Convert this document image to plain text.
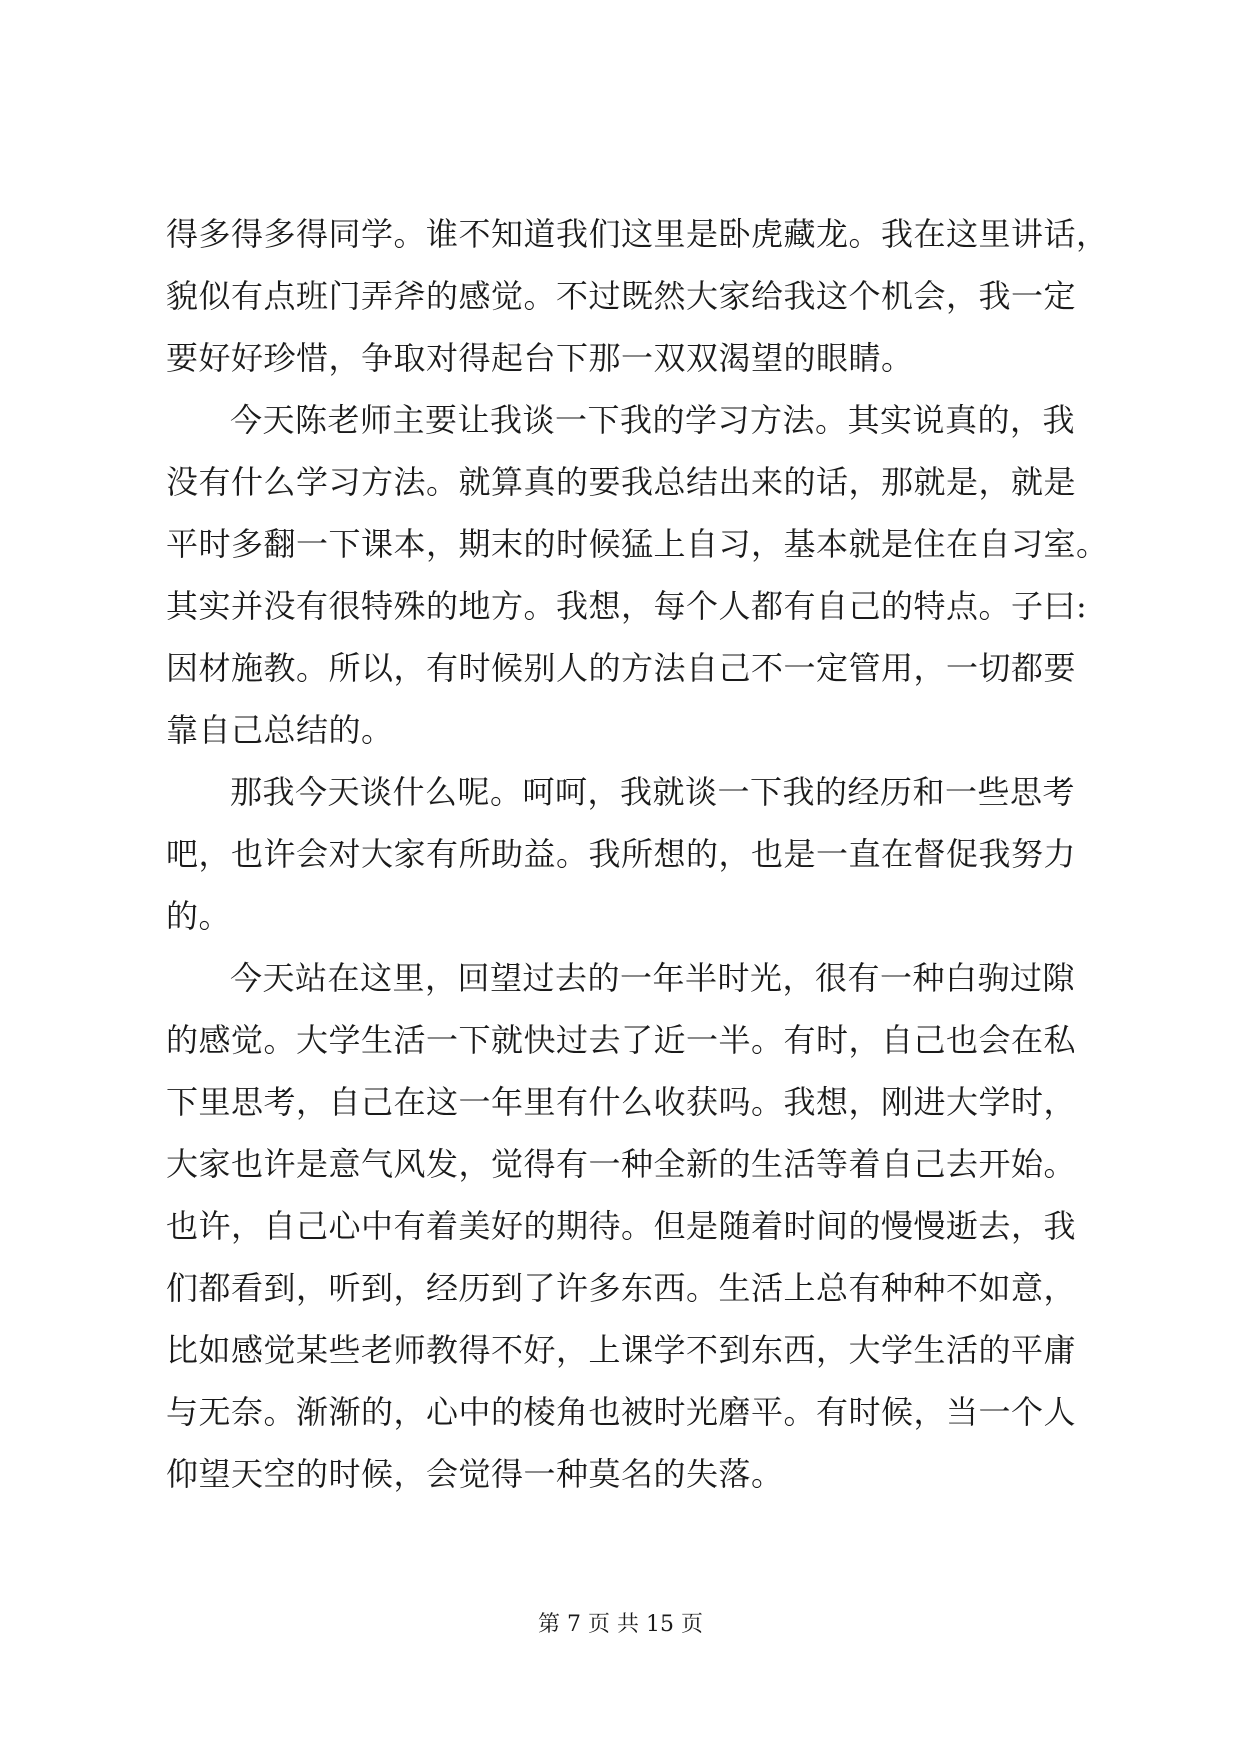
得多得多得同学。谁不知道我们这里是卧虎藏龙。我在这里讲话，
貌似有点班门弄斧的感觉。不过既然大家给我这个机会，我一定
要好好珍惜，争取对得起台下那一双双渴望的眼睛。
今天陈老师主要让我谈一下我的学习方法。其实说真的，我
没有什么学习方法。就算真的要我总结出来的话，那就是，就是
平时多翻一下课本，期末的时候猛上自习，基本就是住在自习室。
其实并没有很特殊的地方。我想，每个人都有自己的特点。子曰:
因材施教。所以，有时候别人的方法自己不一定管用，一切都要
靠自己总结的。
那我今天谈什么呢。呵呵，我就谈一下我的经历和一些思考
吧，也许会对大家有所助益。我所想的，也是一直在督促我努力
的。
今天站在这里，回望过去的一年半时光，很有一种白驹过隙
的感觉。大学生活一下就快过去了近一半。有时，自己也会在私
下里思考，自己在这一年里有什么收获吗。我想，刚进大学时，
大家也许是意气风发，觉得有一种全新的生活等着自己去开始。
也许，自己心中有着美好的期待。但是随着时间的慢慢逝去，我
们都看到，听到，经历到了许多东西。生活上总有种种不如意，
比如感觉某些老师教得不好，上课学不到东西，大学生活的平庸
与无奈。渐渐的，心中的棱角也被时光磨平。有时候，当一个人
仰望天空的时候，会觉得一种莫名的失落。
第 7 页 共 15 页
